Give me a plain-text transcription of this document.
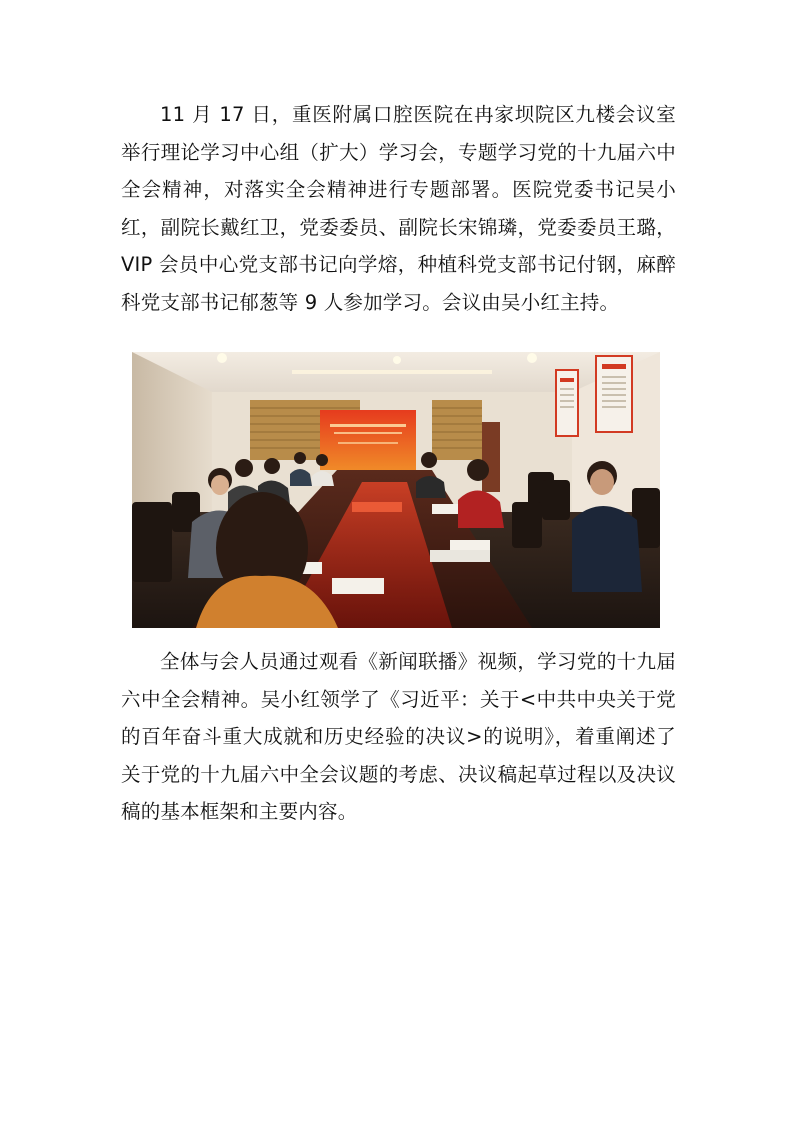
11 月 17 日，重医附属口腔医院在冉家坝院区九楼会议室举行理论学习中心组（扩大）学习会，专题学习党的十九届六中全会精神，对落实全会精神进行专题部署。医院党委书记吴小红，副院长戴红卫，党委委员、副院长宋锦璘，党委委员王璐，VIP 会员中心党支部书记向学熔，种植科党支部书记付钢，麻醉科党支部书记郁葱等 9 人参加学习。会议由吴小红主持。

全体与会人员通过观看《新闻联播》视频，学习党的十九届六中全会精神。吴小红领学了《习近平：关于<中共中央关于党的百年奋斗重大成就和历史经验的决议>的说明》，着重阐述了关于党的十九届六中全会议题的考虑、决议稿起草过程以及决议稿的基本框架和主要内容。
